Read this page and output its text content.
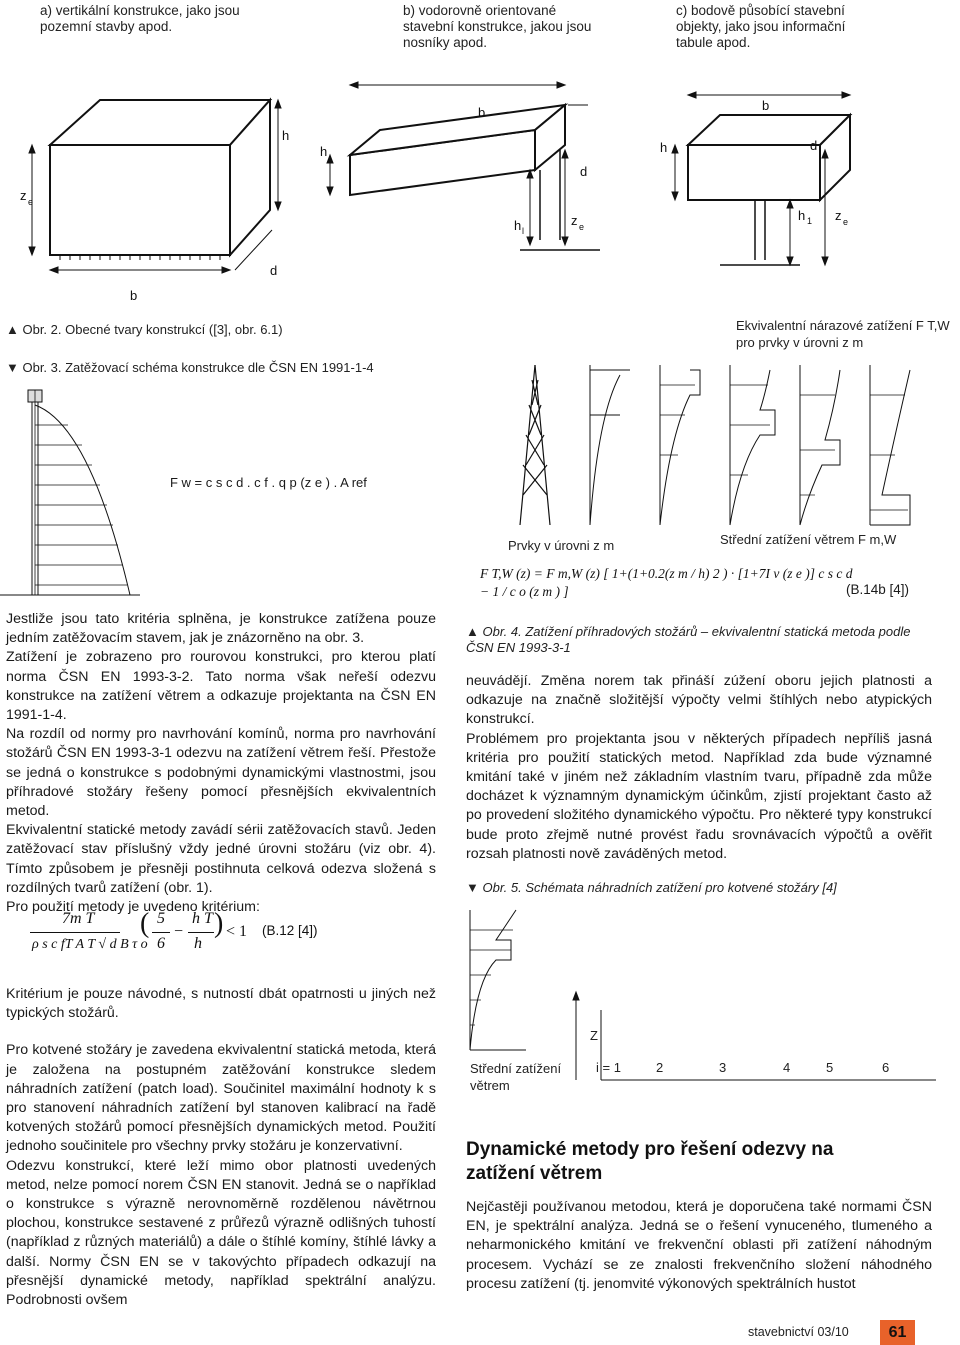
a) vertikální konstrukce, jako jsou pozemní stavby apod.
b) vodorovně orientované stavební konstrukce, jakou jsou nosníky apod.
c) bodově působící stavební objekty, jako jsou informační tabule apod.
h
z e
b
d
h
b
d
h l
z e
h
b
d
h 1 z e
▲ Obr. 2. Obecné tvary konstrukcí ([3], obr. 6.1)	Ekvivalentní nárazové zatížení F T,W pro prvky v úrovni z m
▼ Obr. 3. Zatěžovací schéma konstrukce dle ČSN EN 1991-1-4
F w = c s c d . c f . q p (z e ) . A ref
Prvky v úrovni z m	Střední zatížení větrem F m,W
F T,W (z) = F m,W (z) [ 1+(1+0.2(z m / h) 2 ) · [1+7I v (z e )] c s c d − 1 / c o (z m ) ]	(B.14b [4])
▲ Obr. 4. Zatížení příhradových stožárů – ekvivalentní statická metoda podle ČSN EN 1993-3-1

Jestliže jsou tato kritéria splněna, je konstrukce zatížena pouze jedním zatěžovacím stavem, jak je znázorněno na obr. 3.

Zatížení je zobrazeno pro rourovou konstrukci, pro kterou platí norma ČSN EN 1993-3-2. Tato norma však neřeší odezvu konstrukce na zatížení větrem a odkazuje projektanta na ČSN EN 1991-1-4.

Na rozdíl od normy pro navrhování komínů, norma pro navrhování stožárů ČSN EN 1993-3-1 odezvu na zatížení větrem řeší. Přestože se jedná o konstrukce s podobnými dynamickými vlastnostmi, jsou příhradové stožáry řešeny pomocí přesnějších ekvivalentních metod.

Ekvivalentní statické metody zavádí sérii zatěžovacích stavů. Jeden zatěžovací stav příslušný vždy jedné úrovni stožáru (viz obr. 4). Tímto způsobem je přesněji postihnuta celková odezva složená s rozdílných tvarů zatížení (obr. 1).

Pro použití metody je uvedeno kritérium:

7m T
ρ s c fT A T √ d B τ o
( 5
6
−
h T
h
) < 1 (B.12 [4])

Kritérium je pouze návodné, s nutností dbát opatrnosti u jiných než typických stožárů.

Pro kotvené stožáry je zavedena ekvivalentní statická metoda, která je založena na postupném zatěžování konstrukce sledem náhradních zatížení (patch load). Součinitel maximální hodnoty k s pro stanovení náhradních zatížení byl stanoven kalibrací na řadě kotvených stožárů pomocí přesnějších dynamických metod. Použití jednoho součinitele pro všechny prvky stožáru je konzervativní.

Odezvu konstrukcí, které leží mimo obor platnosti uvedených metod, nelze pomocí norem ČSN EN stanovit. Jedná se o například o konstrukce s výrazně nerovnoměrně rozdělenou návětrnou plochou, konstrukce sestavené z průřezů výrazně odlišných tuhostí (například z různých materiálů) a dále o štíhlé komíny, štíhlé lávky a další. Normy ČSN EN se v takovýchto případech odkazují na přesnější dynamické metody, například spektrální analýzu. Podrobnosti ovšem

neuvádějí. Změna norem tak přináší zúžení oboru jejich platnosti a odkazuje na značně složitější výpočty velmi štíhlých nebo atypických konstrukcí.

Problémem pro projektanta jsou v některých případech nepříliš jasná kritéria pro použití statických metod. Například zda bude významné kmitání také v jiném než základním vlastním tvaru, případně zda může docházet k významným dynamickým účinkům, zjistí projektant často až po provedení složitého dynamického výpočtu. Pro některé typy konstrukcí bude proto zřejmě nutné provést řadu srovnávacích výpočtů a ověřit rozsah platnosti nově zaváděných metod.

▼ Obr. 5. Schémata náhradních zatížení pro kotvené stožáry [4]
Z
Střední zatížení větrem
i = 1	2	3	4	5	6
Dynamické metody pro řešení odezvy na zatížení větrem

Nejčastěji používanou metodou, která je doporučena také normami ČSN EN, je spektrální analýza. Jedná se o řešení vynuceného, tlumeného a neharmonického kmitání ve frekvenční oblasti při zatížení náhodným procesem. Vychází se ze znalosti frekvenčního složení náhodného procesu zatížení (tj. jenomvité výkonových spektrálních hustot

stavebnictví 03/10	61
